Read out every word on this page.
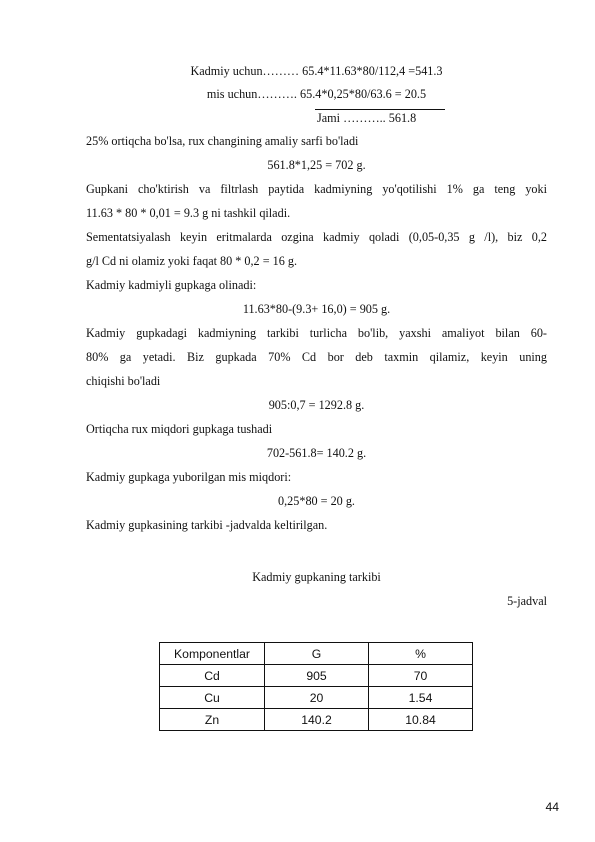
Kadmiy uchun……… 65.4*11.63*80/112,4 =541.3
mis uchun………. 65.4*0,25*80/63.6 = 20.5
Jami ……….. 561.8
25% ortiqcha bo'lsa, rux changining amaliy sarfi bo'ladi
561.8*1,25 = 702 g.
Gupkani cho'ktirish va filtrlash paytida kadmiyning yo'qotilishi 1% ga teng yoki
11.63 * 80 * 0,01 = 9.3 g ni tashkil qiladi.
Sementatsiyalash keyin eritmalarda ozgina kadmiy qoladi (0,05-0,35 g /l), biz 0,2
g/l Cd ni olamiz yoki faqat 80 * 0,2 = 16 g.
Kadmiy kadmiyli gupkaga olinadi:
11.63*80-(9.3+ 16,0) = 905 g.
Kadmiy gupkadagi kadmiyning tarkibi turlicha bo'lib, yaxshi amaliyot bilan 60-
80% ga yetadi. Biz gupkada 70% Cd bor deb taxmin qilamiz, keyin uning
chiqishi bo'ladi
905:0,7 = 1292.8 g.
Ortiqcha rux miqdori gupkaga tushadi
702-561.8= 140.2 g.
Kadmiy gupkaga yuborilgan mis miqdori:
0,25*80 = 20 g.
Kadmiy gupkasining tarkibi -jadvalda keltirilgan.
Kadmiy gupkaning tarkibi
5-jadval
Komponentlar	G	%
Cd	905	70
Cu	20	1.54
Zn	140.2	10.84
44
